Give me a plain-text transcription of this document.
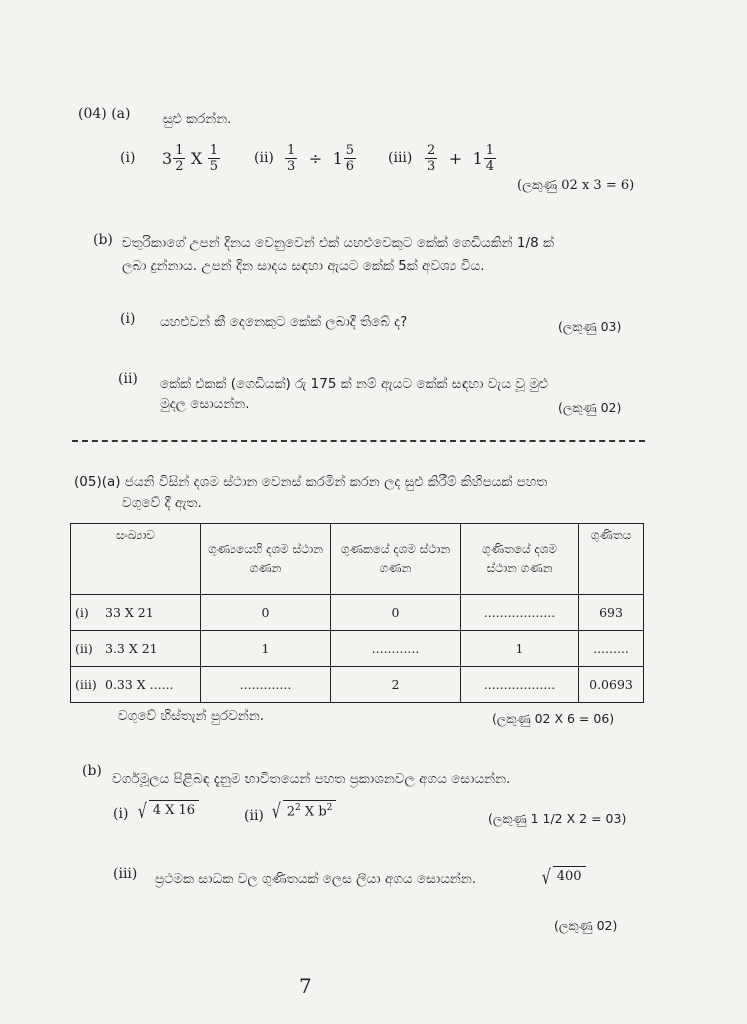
(04) (a) සුළු කරන්න.
(i) $3 \frac{1}{2}$ X $\frac{1}{5} (ii) \frac{1}{3} \div 1 \frac{5}{6} (iii) \frac{2}{3} + 1 \frac{1}{4}$
(ලකුණු 02 x 3 = 6)
(b) චතුරිකාගේ උපන් දිනය වෙනුවෙන් එක් යහළුවෙකුට කේක් ගෙඩියකින් 1/8 ක්
ලබා දුන්නාය. උපන් දින සාදය සඳහා ඇයට කේක් 5ක් අවශ්‍ය විය.
(i) යහළුවන් කී දෙනෙකුට කේක් ලබාදී තිබේ ද?	(ලකුණු 03)
(ii) කේක් එකක් (ගෙඩියක්) රු 175 ක් නම් ඇයට කේක් සඳහා වැය වූ මුළු
මුදල සොයන්න.	(ලකුණු 02)
(05)(a) ජයනි විසින් දශම ස්ථාන වෙනස් කරමින් කරන ලද සුළු කිරීම් කිහිපයක් පහත
වගුවේ දී ඇත.
සංඛ්‍යාව	ගුණ්‍යයෙහි දශම ස්ථාන ගණන	ගුණකයේ දශම ස්ථාන ගණන	ගුණිතයේ දශම ස්ථාන ගණන	ගුණිතය
(i) 33 X 21	0	0	..................	693
(ii) 3.3 X 21	1	............	1	.........
(iii) 0.33 X ......	.............	2	..................	0.0693
වගුවේ හිස්තැන් පුරවන්න.	(ලකුණු 02 X 6 = 06)
(b) වර්ගමූලය පිළිබඳ දැනුම භාවිතයෙන් පහත ප්‍රකාශනවල අගය සොයන්න.
(i) √ 4 X 16	(ii) √ $2^2$ X $b^2$
(ලකුණු 1 1/2 X 2 = 03)
(iii) ප්‍රථමක සාධක වල ගුණිතයක් ලෙස ලියා අගය සොයන්න.	√ 400
(ලකුණු 02)
7
